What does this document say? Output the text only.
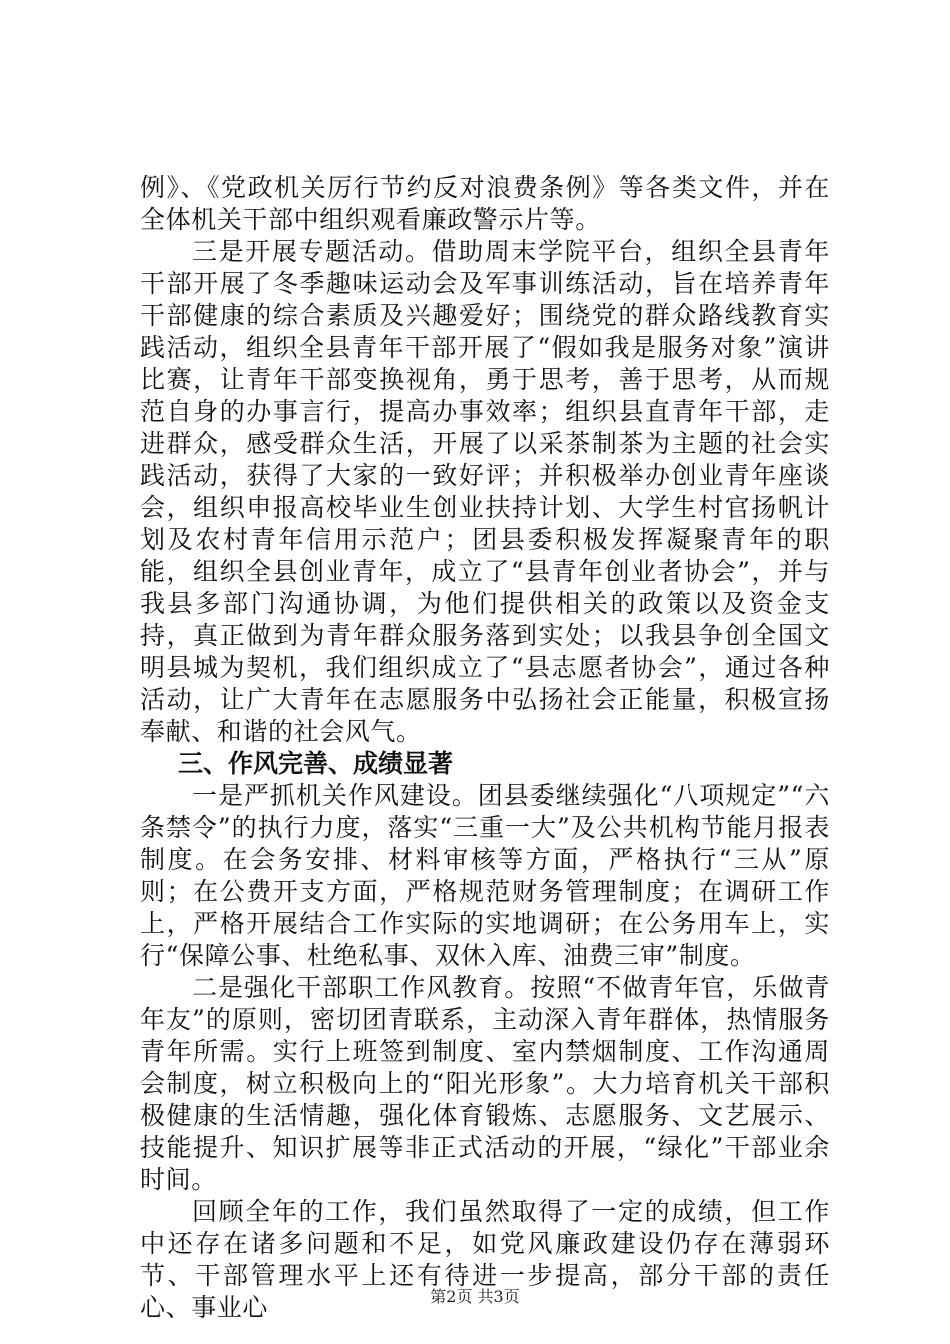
例》、《党政机关厉行节约反对浪费条例》等各类文件，并在全体机关干部中组织观看廉政警示片等。

三是开展专题活动。借助周末学院平台，组织全县青年干部开展了冬季趣味运动会及军事训练活动，旨在培养青年干部健康的综合素质及兴趣爱好；围绕党的群众路线教育实践活动，组织全县青年干部开展了“假如我是服务对象”演讲比赛，让青年干部变换视角，勇于思考，善于思考，从而规范自身的办事言行，提高办事效率；组织县直青年干部，走进群众，感受群众生活，开展了以采茶制茶为主题的社会实践活动，获得了大家的一致好评；并积极举办创业青年座谈会，组织申报高校毕业生创业扶持计划、大学生村官扬帆计划及农村青年信用示范户；团县委积极发挥凝聚青年的职能，组织全县创业青年，成立了“县青年创业者协会”，并与我县多部门沟通协调，为他们提供相关的政策以及资金支持，真正做到为青年群众服务落到实处；以我县争创全国文明县城为契机，我们组织成立了“县志愿者协会”，通过各种活动，让广大青年在志愿服务中弘扬社会正能量，积极宣扬奉献、和谐的社会风气。

三、作风完善、成绩显著

一是严抓机关作风建设。团县委继续强化“八项规定”“六条禁令”的执行力度，落实“三重一大”及公共机构节能月报表制度。在会务安排、材料审核等方面，严格执行“三从”原则；在公费开支方面，严格规范财务管理制度；在调研工作上，严格开展结合工作实际的实地调研；在公务用车上，实行“保障公事、杜绝私事、双休入库、油费三审”制度。

二是强化干部职工作风教育。按照“不做青年官，乐做青年友”的原则，密切团青联系，主动深入青年群体，热情服务青年所需。实行上班签到制度、室内禁烟制度、工作沟通周会制度，树立积极向上的“阳光形象”。大力培育机关干部积极健康的生活情趣，强化体育锻炼、志愿服务、文艺展示、技能提升、知识扩展等非正式活动的开展，“绿化”干部业余时间。

回顾全年的工作，我们虽然取得了一定的成绩，但工作中还存在诸多问题和不足，如党风廉政建设仍存在薄弱环节、干部管理水平上还有待进一步提高，部分干部的责任心、事业心	第2页 共3页
